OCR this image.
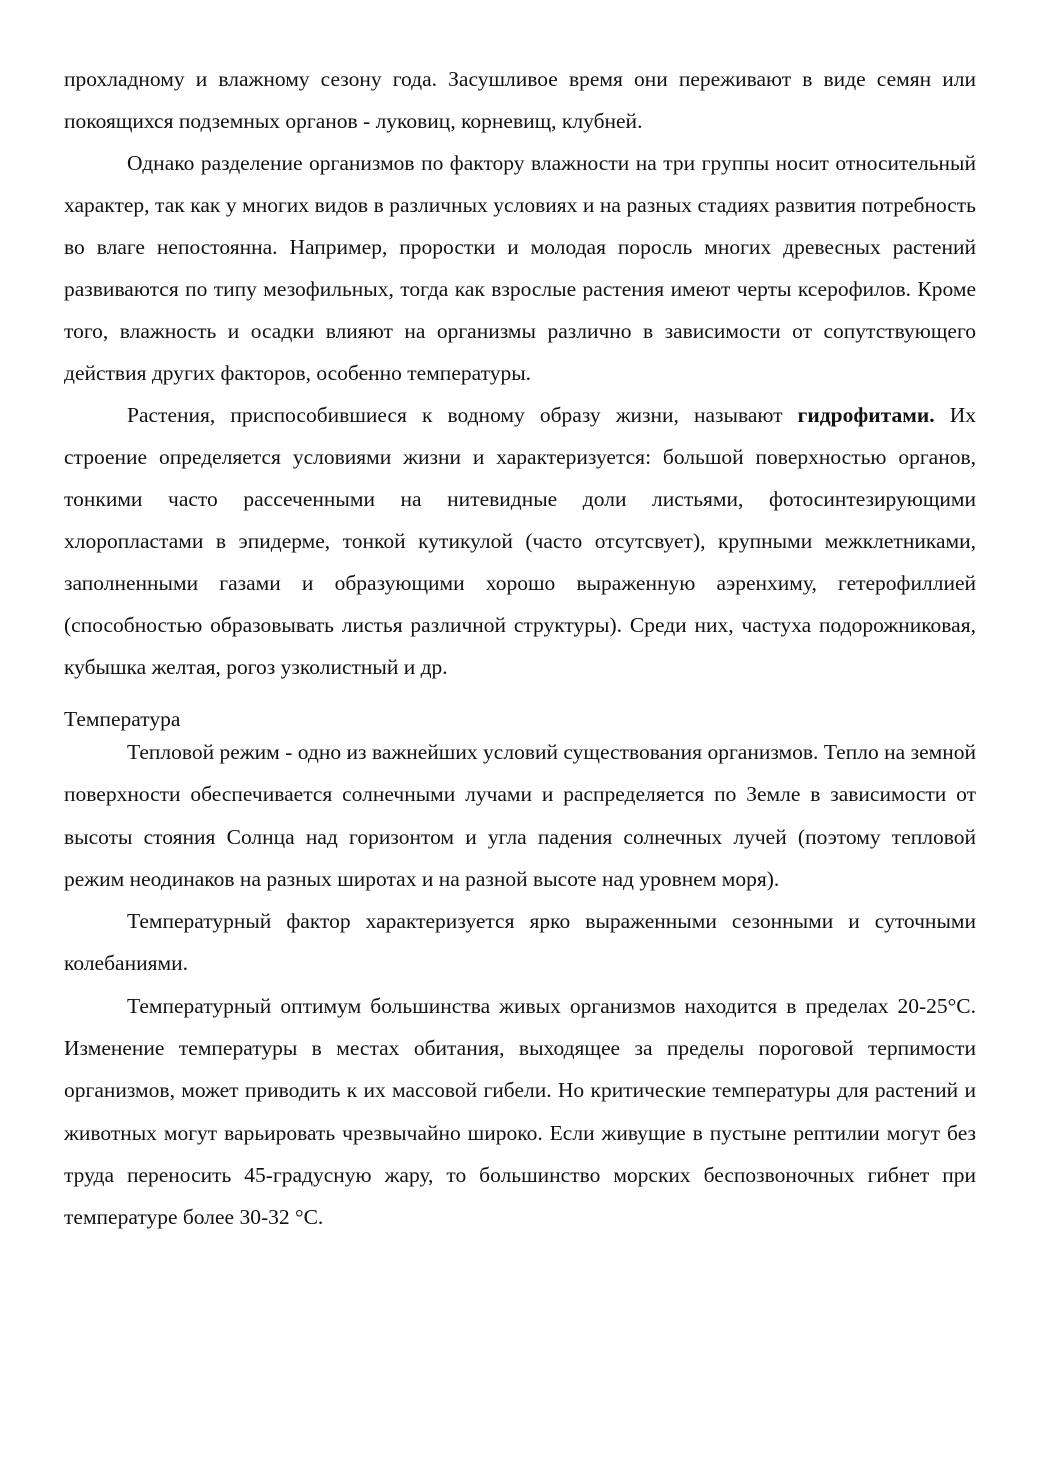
прохладному и влажному сезону года. Засушливое время они переживают в виде семян или покоящихся подземных органов - луковиц, корневищ, клубней.

Однако разделение организмов по фактору влажности на три группы носит относительный характер, так как у многих видов в различных условиях и на разных стадиях развития потребность во влаге непостоянна. Например, проростки и молодая поросль многих древесных растений развиваются по типу мезофильных, тогда как взрослые растения имеют черты ксерофилов. Кроме того, влажность и осадки влияют на организмы различно в зависимости от сопутствующего действия других факторов, особенно температуры.

Растения, приспособившиеся к водному образу жизни, называют гидрофитами. Их строение определяется условиями жизни и характеризуется: большой поверхностью органов, тонкими часто рассеченными на нитевидные доли листьями, фотосинтезирующими хлоропластами в эпидерме, тонкой кутикулой (часто отсутсвует), крупными межклетниками, заполненными газами и образующими хорошо выраженную аэренхиму, гетерофиллией (способностью образовывать листья различной структуры). Среди них, частуха подорожниковая, кубышка желтая, рогоз узколистный и др.

Температура

Тепловой режим - одно из важнейших условий существования организмов. Тепло на земной поверхности обеспечивается солнечными лучами и распределяется по Земле в зависимости от высоты стояния Солнца над горизонтом и угла падения солнечных лучей (поэтому тепловой режим неодинаков на разных широтах и на разной высоте над уровнем моря).

Температурный фактор характеризуется ярко выраженными сезонными и суточными колебаниями.

Температурный оптимум большинства живых организмов находится в пределах 20-25°С. Изменение температуры в местах обитания, выходящее за пределы пороговой терпимости организмов, может приводить к их массовой гибели. Но критические температуры для растений и животных могут варьировать чрезвычайно широко. Если живущие в пустыне рептилии могут без труда переносить 45-градусную жару, то большинство морских беспозвоночных гибнет при температуре более 30-32 °С.
